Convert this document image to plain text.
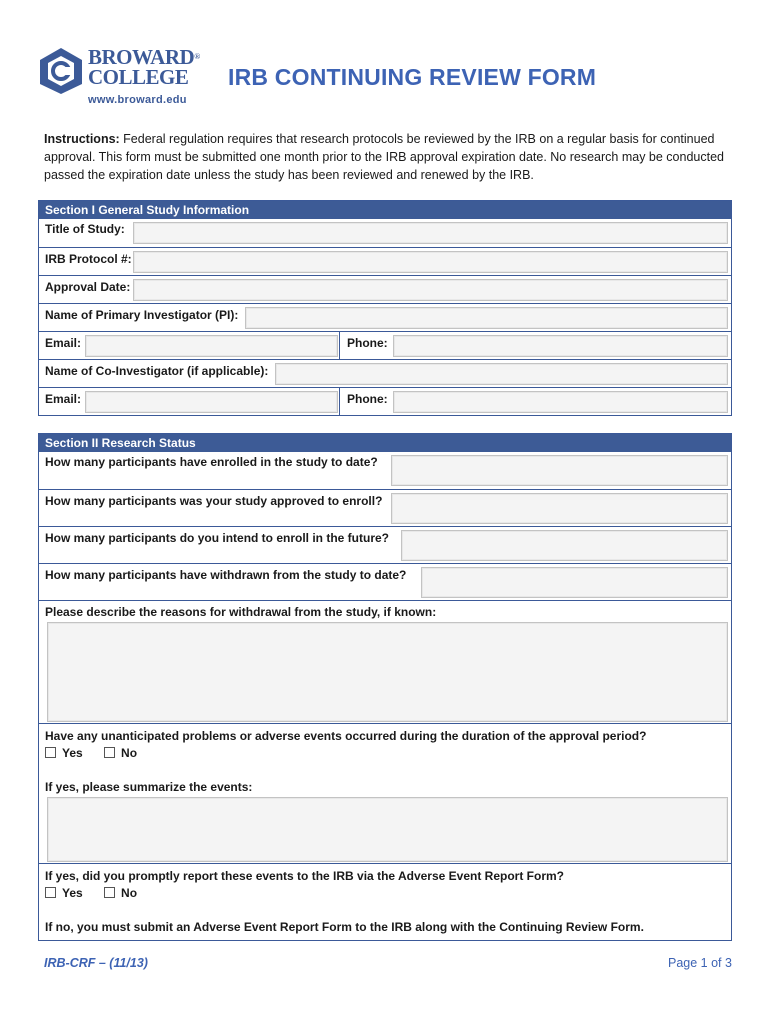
BROWARD®
COLLEGE
www.broward.edu
IRB CONTINUING REVIEW FORM
Instructions: Federal regulation requires that research protocols be reviewed by the IRB on a regular basis for continued approval. This form must be submitted one month prior to the IRB approval expiration date. No research may be conducted passed the expiration date unless the study has been reviewed and renewed by the IRB.
Section I General Study Information
Title of Study:
IRB Protocol #:
Approval Date:
Name of Primary Investigator (PI):
Email:	Phone:
Name of Co-Investigator (if applicable):
Email:	Phone:
Section II Research Status
How many participants have enrolled in the study to date?
How many participants was your study approved to enroll?
How many participants do you intend to enroll in the future?
How many participants have withdrawn from the study to date?
Please describe the reasons for withdrawal from the study, if known:
Have any unanticipated problems or adverse events occurred during the duration of the approval period?
Yes	No
If yes, please summarize the events:
If yes, did you promptly report these events to the IRB via the Adverse Event Report Form?
Yes	No
If no, you must submit an Adverse Event Report Form to the IRB along with the Continuing Review Form.
IRB-CRF – (11/13)	Page 1 of 3
